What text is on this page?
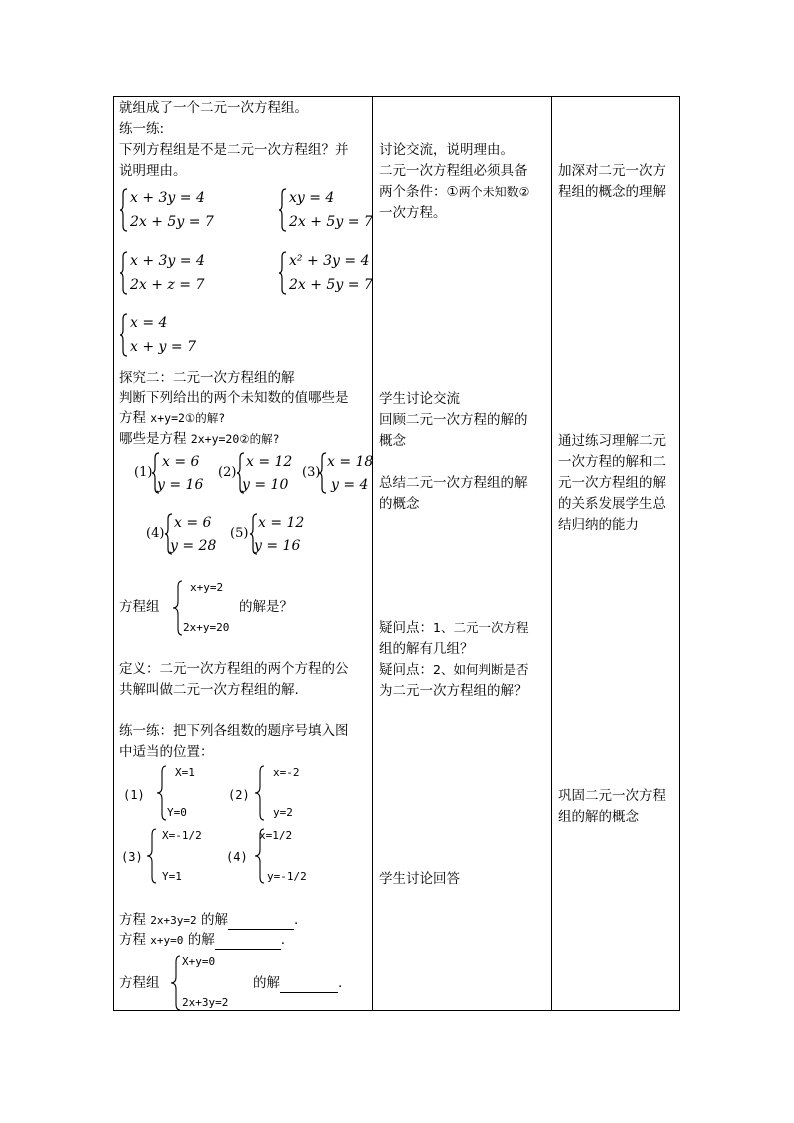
就组成了一个二元一次方程组。
练一练:
下列方程组是不是二元一次方程组？并
说明理由。
x + 3y = 4
2x + 5y = 7
xy = 4
2x + 5y = 7
x + 3y = 4
2x + z = 7
x² + 3y = 4
2x + 5y = 7
x = 4
x + y = 7
探究二：二元一次方程组的解
判断下列给出的两个未知数的值哪些是
方程 x+y=2①的解?
哪些是方程 2x+y=20②的解?
(1)
x = 6
y = 16
(2)
x = 12
y = 10
(3)
x = 18
y = 4
(4)
x = 6
y = 28
(5)
x = 12
y = 16
方程组
x+y=2
2x+y=20
的解是？
定义：二元一次方程组的两个方程的公
共解叫做二元一次方程组的解.
练一练：把下列各组数的题序号填入图
中适当的位置：
(1)
X=1
Y=0
(2)
x=-2
y=2
(3)
X=-1/2
Y=1
(4)
x=1/2
y=-1/2
方程 2x+3y=2 的解	.
方程 x+y=0 的解	.
方程组
X+y=0
2x+3y=2
的解	.
讨论交流，说明理由。
二元一次方程组必须具备
两个条件：①两个未知数②
一次方程。
学生讨论交流
回顾二元一次方程的解的
概念
总结二元一次方程组的解
的概念
疑问点：1、二元一次方程
组的解有几组？
疑问点：2、如何判断是否
为二元一次方程组的解？
学生讨论回答
加深对二元一次方
程组的概念的理解
通过练习理解二元
一次方程的解和二
元一次方程组的解
的关系发展学生总
结归纳的能力
巩固二元一次方程
组的解的概念
